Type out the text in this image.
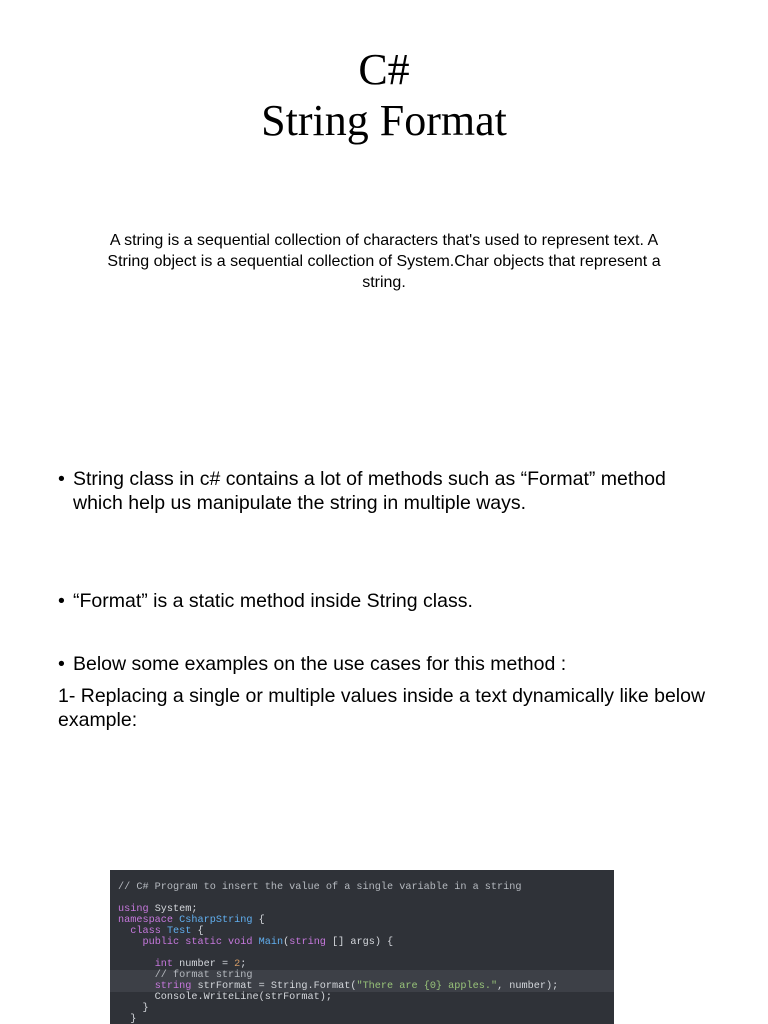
C#
String Format
A string is a sequential collection of characters that's used to represent text. A String object is a sequential collection of System.Char objects that represent a string.
• String class in c# contains a lot of methods such as “Format” method which help us manipulate the string in multiple ways.
• “Format” is a static method inside String class.
• Below some examples on the use cases for this method :
1- Replacing a single or multiple values inside a text dynamically like below example:
// C# Program to insert the value of a single variable in a string
using System;
namespace CsharpString {
class Test {
public static void Main(string [] args) {
int number = 2;
// format string
string strFormat = String.Format("There are {0} apples.", number);
Console.WriteLine(strFormat);
}
}
